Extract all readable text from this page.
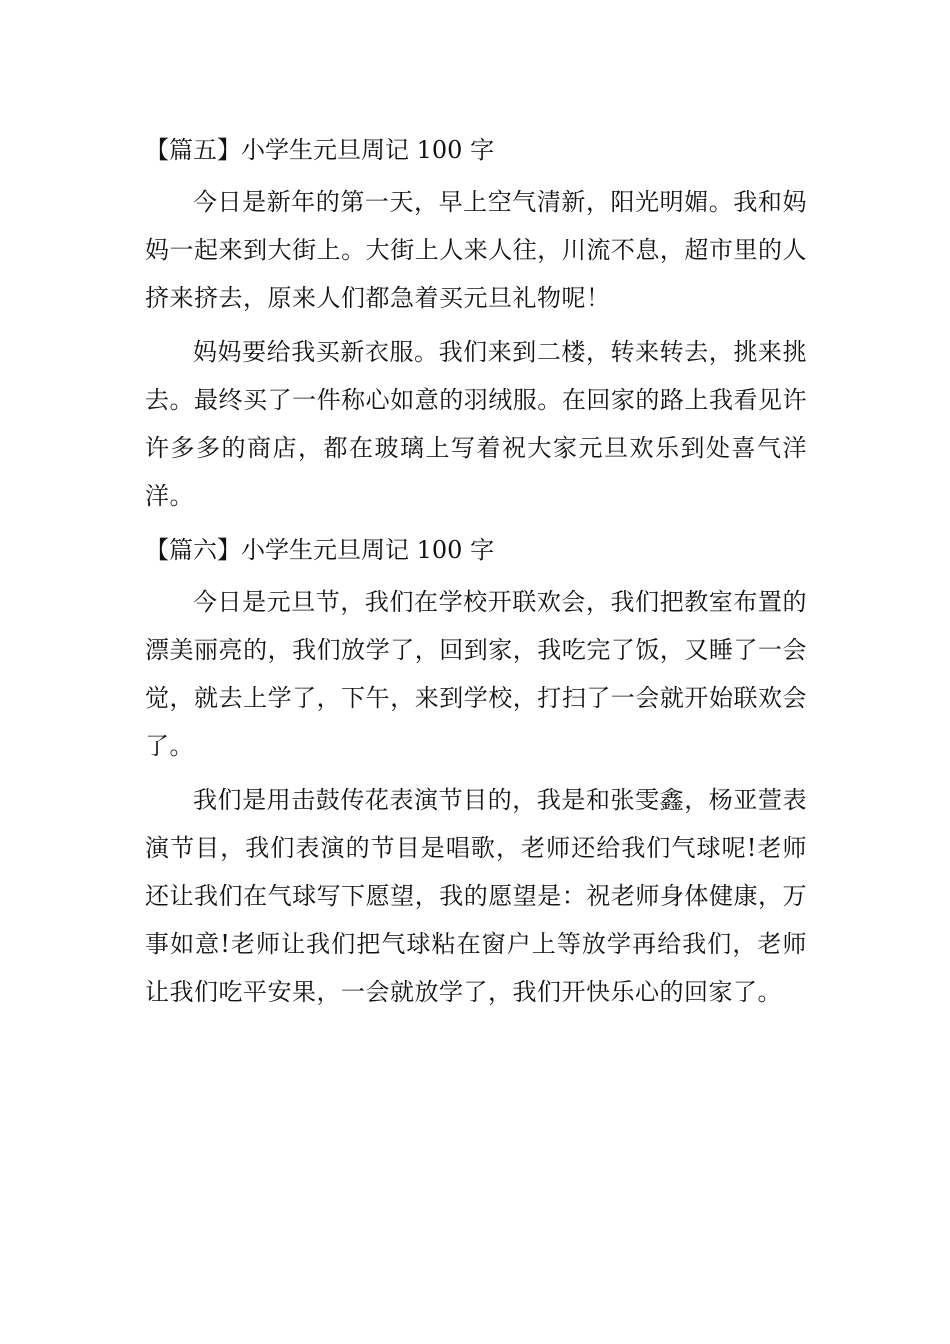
【篇五】小学生元旦周记 100 字

今日是新年的第一天，早上空气清新，阳光明媚。我和妈妈一起来到大街上。大街上人来人往，川流不息，超市里的人挤来挤去，原来人们都急着买元旦礼物呢！

妈妈要给我买新衣服。我们来到二楼，转来转去，挑来挑去。最终买了一件称心如意的羽绒服。在回家的路上我看见许许多多的商店，都在玻璃上写着祝大家元旦欢乐到处喜气洋洋。

【篇六】小学生元旦周记 100 字

今日是元旦节，我们在学校开联欢会，我们把教室布置的漂美丽亮的，我们放学了，回到家，我吃完了饭，又睡了一会觉，就去上学了，下午，来到学校，打扫了一会就开始联欢会了。

我们是用击鼓传花表演节目的，我是和张雯鑫，杨亚萱表演节目，我们表演的节目是唱歌，老师还给我们气球呢!老师还让我们在气球写下愿望，我的愿望是：祝老师身体健康，万事如意!老师让我们把气球粘在窗户上等放学再给我们，老师让我们吃平安果，一会就放学了，我们开快乐心的回家了。
